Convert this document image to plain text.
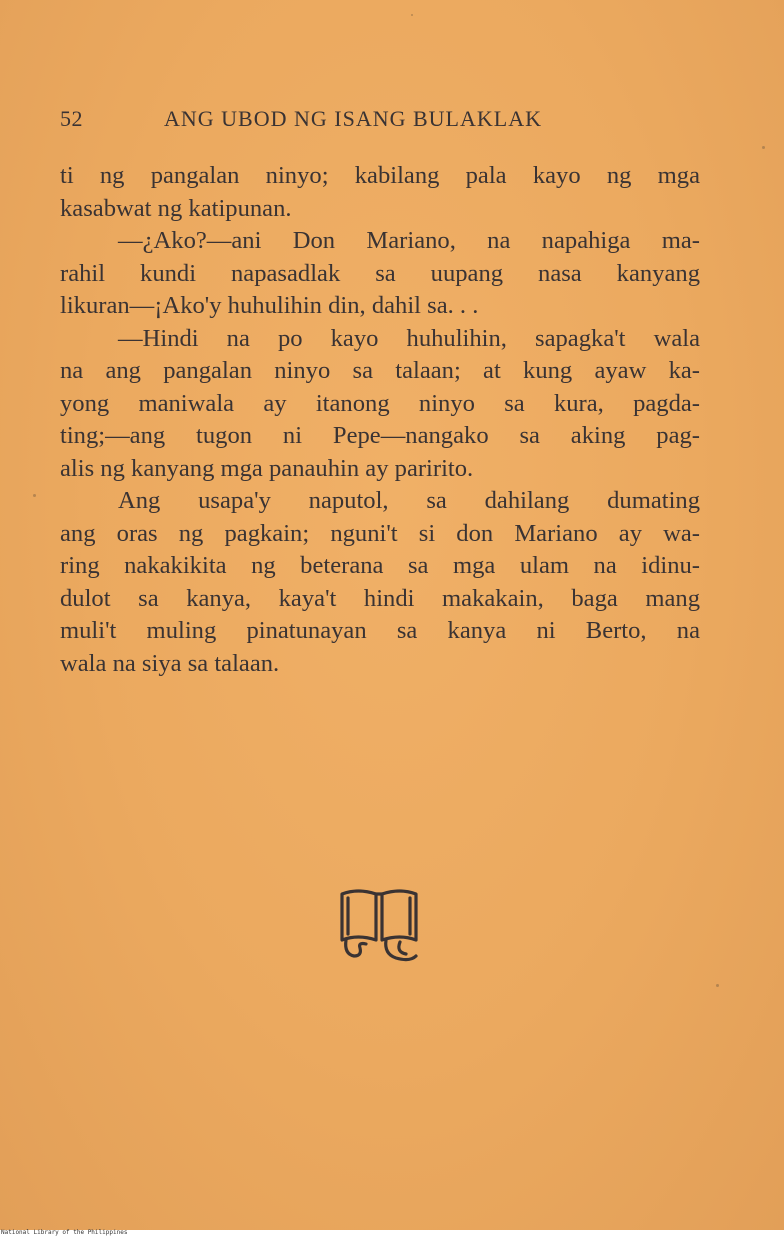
52	ANG UBOD NG ISANG BULAKLAK

ti ng pangalan ninyo; kabilang pala kayo ng mga
kasabwat ng katipunan.

—¿Ako?—ani Don Mariano, na napahiga ma-
rahil kundi napasadlak sa uupang nasa kanyang
likuran—¡Ako'y huhulihin din, dahil sa. . .

—Hindi na po kayo huhulihin, sapagka't wala
na ang pangalan ninyo sa talaan; at kung ayaw ka-
yong maniwala ay itanong ninyo sa kura, pagda-
ting;—ang tugon ni Pepe—nangako sa aking pag-
alis ng kanyang mga panauhin ay paririto.

Ang usapa'y naputol, sa dahilang dumating
ang oras ng pagkain; nguni't si don Mariano ay wa-
ring nakakikita ng beterana sa mga ulam na idinu-
dulot sa kanya, kaya't hindi makakain, baga mang
muli't muling pinatunayan sa kanya ni Berto, na
wala na siya sa talaan.

National Library of the Philippines
